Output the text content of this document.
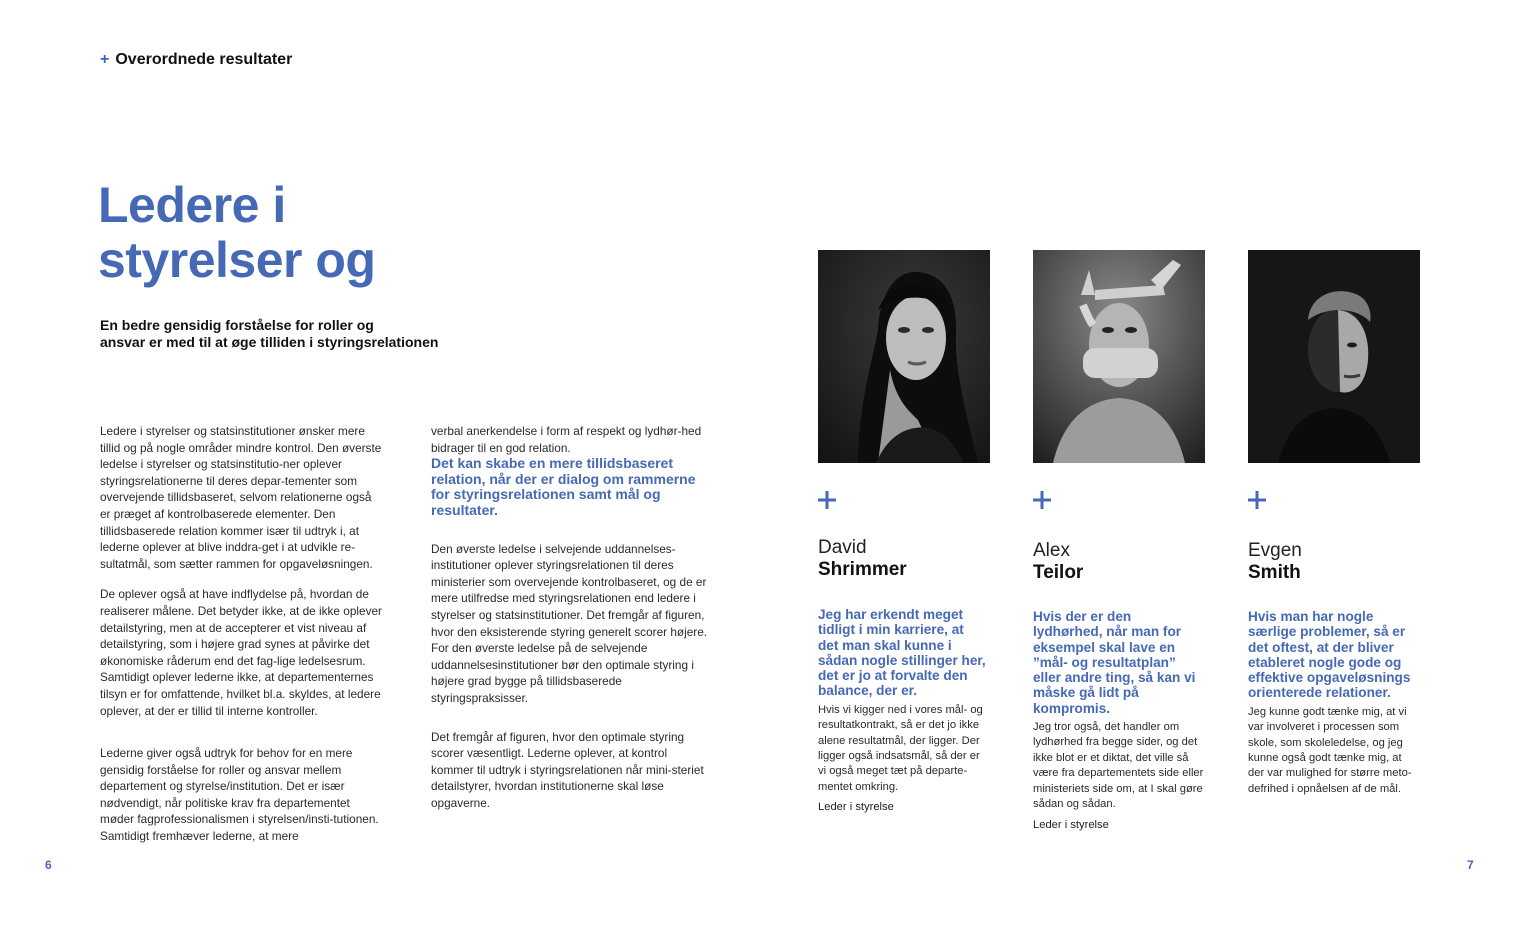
+ Overordnede resultater
Ledere i
styrelser og
En bedre gensidig forståelse for roller og
ansvar er med til at øge tilliden i styringsrelationen

Ledere i styrelser og statsinstitutioner ønsker mere tillid og på nogle områder mindre kontrol. Den øverste ledelse i styrelser og statsinstitutio-ner oplever styringsrelationerne til deres depar-tementer som overvejende tillidsbaseret, selvom relationerne også er præget af kontrolbaserede elementer. Den tillidsbaserede relation kommer især til udtryk i, at lederne oplever at blive inddra-get i at udvikle re-sultatmål, som sætter rammen for opgaveløsningen.

De oplever også at have indflydelse på, hvordan de realiserer målene. Det betyder ikke, at de ikke oplever detailstyring, men at de accepterer et vist niveau af detailstyring, som i højere grad synes at påvirke det økonomiske råderum end det fag-lige ledelsesrum. Samtidigt oplever lederne ikke, at departementernes tilsyn er for omfattende, hvilket bl.a. skyldes, at ledere oplever, at der er tillid til interne kontroller.

Lederne giver også udtryk for behov for en mere gensidig forståelse for roller og ansvar mellem departement og styrelse/institution. Det er især nødvendigt, når politiske krav fra departementet møder fagprofessionalismen i styrelsen/insti-tutionen. Samtidigt fremhæver lederne, at mere

verbal anerkendelse i form af respekt og lydhør-hed bidrager til en god relation.

Det kan skabe en mere tillidsbaseret relation, når der er dialog om rammerne for styringsrelationen samt mål og resultater.

Den øverste ledelse i selvejende uddannelses-institutioner oplever styringsrelationen til deres ministerier som overvejende kontrolbaseret, og de er mere utilfredse med styringsrelationen end ledere i styrelser og statsinstitutioner. Det fremgår af figuren, hvor den eksisterende styring generelt scorer højere. For den øverste ledelse på de selvejende uddannelsesinstitutioner bør den optimale styring i højere grad bygge på tillidsbaserede styringspraksisser.

Det fremgår af figuren, hvor den optimale styring scorer væsentligt. Lederne oplever, at kontrol kommer til udtryk i styringsrelationen når mini-steriet detailstyrer, hvordan institutionerne skal løse opgaverne.

6	7
David
Shrimmer
Jeg har erkendt meget tidligt i min karriere, at det man skal kunne i sådan nogle stillinger her, det er jo at forvalte den balance, der er.
Hvis vi kigger ned i vores mål- og resultatkontrakt, så er det jo ikke alene resultatmål, der ligger. Der ligger også indsatsmål, så der er vi også meget tæt på departe-mentet omkring.
Leder i styrelse
Alex
Teilor
Hvis der er den lydhørhed, når man for eksempel skal lave en ”mål- og resultatplan” eller andre ting, så kan vi måske gå lidt på kompromis.
Jeg tror også, det handler om lydhørhed fra begge sider, og det ikke blot er et diktat, det ville så være fra departementets side eller ministeriets side om, at I skal gøre sådan og sådan.
Leder i styrelse
Evgen
Smith
Hvis man har nogle særlige problemer, så er det oftest, at der bliver etableret nogle gode og effektive opgaveløsnings orienterede relationer.
Jeg kunne godt tænke mig, at vi var involveret i processen som skole, som skoleledelse, og jeg kunne også godt tænke mig, at der var mulighed for større meto-defrihed i opnåelsen af de mål.
